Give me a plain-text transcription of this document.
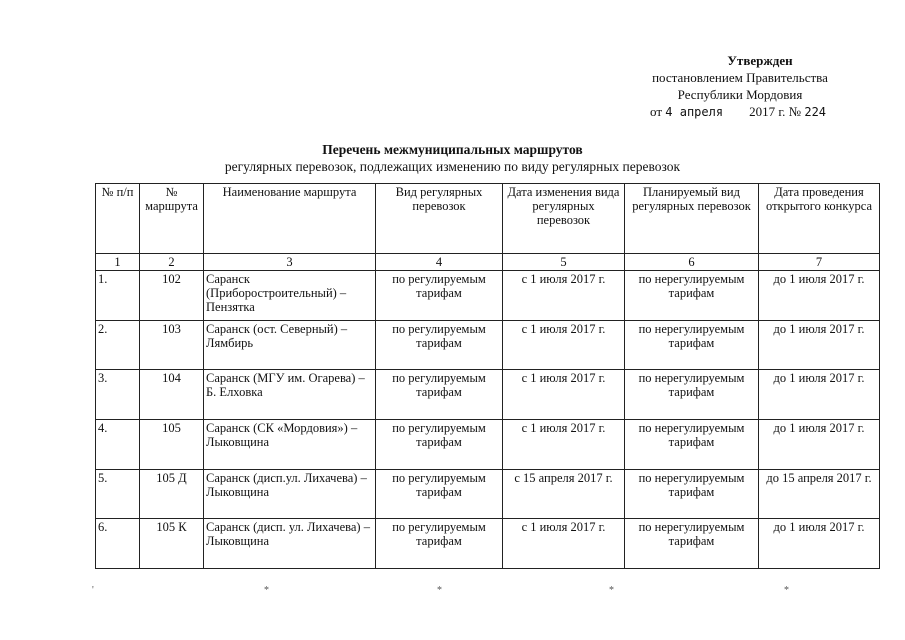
Утвержден
постановлением Правительства
Республики Мордовия
от 4 апреля 2017 г. № 224
Перечень межмуниципальных маршрутов
регулярных перевозок, подлежащих изменению по виду регулярных перевозок
№ п/п	№ маршрута	Наименование маршрута	Вид регулярных перевозок	Дата изменения вида регулярных перевозок	Планируемый вид регулярных перевозок	Дата проведения открытого конкурса
1	2	3	4	5	6	7
1.	102	Саранск (Приборостроительный) –Пензятка	по регулируемым тарифам	с 1 июля 2017 г.	по нерегулируемым тарифам	до 1 июля 2017 г.
2.	103	Саранск (ост. Северный) – Лямбирь	по регулируемым тарифам	с 1 июля 2017 г.	по нерегулируемым тарифам	до 1 июля 2017 г.
3.	104	Саранск (МГУ им. Огарева) – Б. Елховка	по регулируемым тарифам	с 1 июля 2017 г.	по нерегулируемым тарифам	до 1 июля 2017 г.
4.	105	Саранск (СК «Мордовия») – Лыковщина	по регулируемым тарифам	с 1 июля 2017 г.	по нерегулируемым тарифам	до 1 июля 2017 г.
5.	105 Д	Саранск (дисп.ул. Лихачева) – Лыковщина	по регулируемым тарифам	с 15 апреля 2017 г.	по нерегулируемым тарифам	до 15 апреля 2017 г.
6.	105 К	Саранск (дисп. ул. Лихачева) – Лыковщина	по регулируемым тарифам	с 1 июля 2017 г.	по нерегулируемым тарифам	до 1 июля 2017 г.
'	*	*	*	*
